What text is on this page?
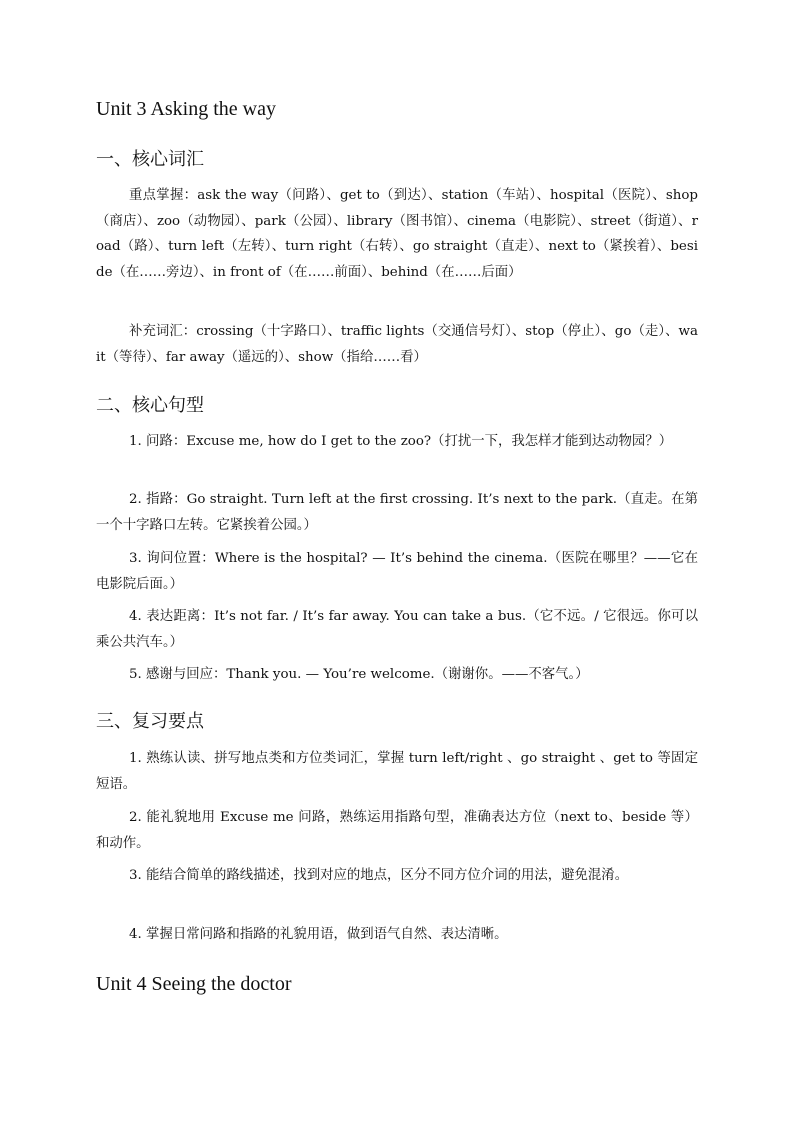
Unit 3 Asking the way
一、核心词汇

重点掌握：ask the way（问路）、get to（到达）、station（车站）、hospital（医院）、shop（商店）、zoo（动物园）、park（公园）、library（图书馆）、cinema（电影院）、street（街道）、road（路）、turn left（左转）、turn right（右转）、go straight（直走）、next to（紧挨着）、beside（在……旁边）、in front of（在……前面）、behind（在……后面）

补充词汇：crossing（十字路口）、traffic lights（交通信号灯）、stop（停止）、go（走）、wait（等待）、far away（遥远的）、show（指给……看）

二、核心句型

1. 问路：Excuse me, how do I get to the zoo?（打扰一下，我怎样才能到达动物园？）

2. 指路：Go straight. Turn left at the first crossing. It’s next to the park.（直走。在第一个十字路口左转。它紧挨着公园。）

3. 询问位置：Where is the hospital? — It’s behind the cinema.（医院在哪里？——它在电影院后面。）

4. 表达距离：It’s not far. / It’s far away. You can take a bus.（它不远。/ 它很远。你可以乘公共汽车。）

5. 感谢与回应：Thank you. — You’re welcome.（谢谢你。——不客气。）

三、复习要点

1. 熟练认读、拼写地点类和方位类词汇，掌握 turn left/right 、go straight 、get to 等固定短语。

2. 能礼貌地用 Excuse me 问路，熟练运用指路句型，准确表达方位（next to、beside 等）和动作。

3. 能结合简单的路线描述，找到对应的地点，区分不同方位介词的用法，避免混淆。

4. 掌握日常问路和指路的礼貌用语，做到语气自然、表达清晰。

Unit 4 Seeing the doctor
